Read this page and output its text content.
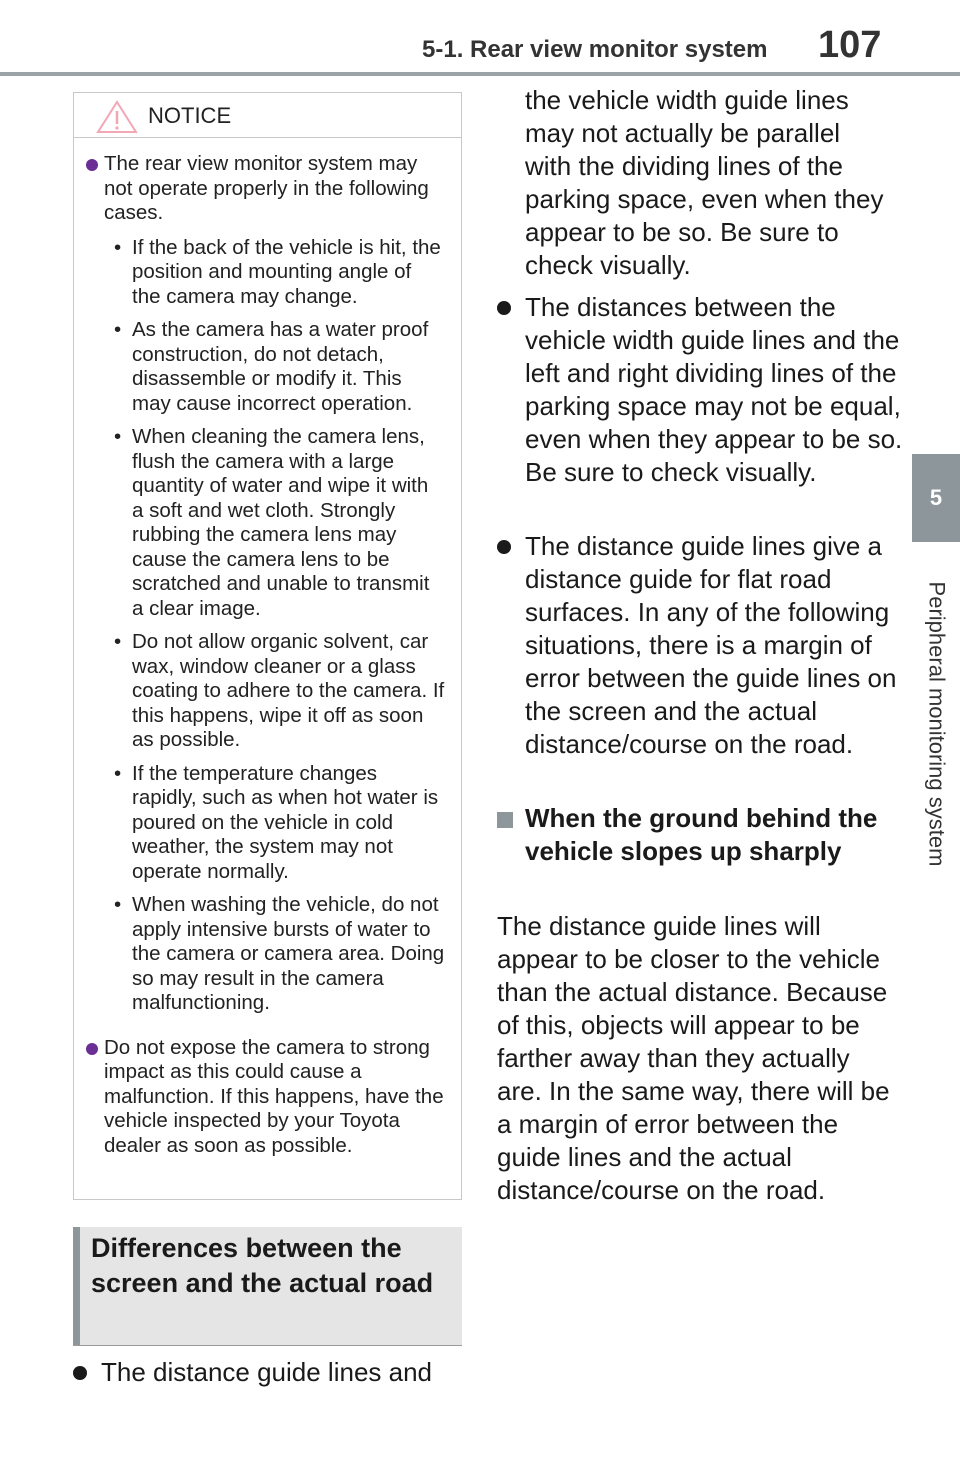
5-1. Rear view monitor system 107
5
Peripheral monitoring system
NOTICE
The rear view monitor system may not operate properly in the following cases.
• If the back of the vehicle is hit, the position and mounting angle of the camera may change.
• As the camera has a water proof construction, do not detach, disassemble or modify it. This may cause incorrect operation.
• When cleaning the camera lens, flush the camera with a large quantity of water and wipe it with a soft and wet cloth. Strongly rubbing the camera lens may cause the camera lens to be scratched and unable to transmit a clear image.
• Do not allow organic solvent, car wax, window cleaner or a glass coating to adhere to the camera. If this happens, wipe it off as soon as possible.
• If the temperature changes rapidly, such as when hot water is poured on the vehicle in cold weather, the system may not operate normally.
• When washing the vehicle, do not apply intensive bursts of water to the camera or camera area. Doing so may result in the camera malfunctioning.
Do not expose the camera to strong impact as this could cause a malfunction. If this happens, have the vehicle inspected by your Toyota dealer as soon as possible.
Differences between the screen and the actual road
The distance guide lines and
the vehicle width guide lines may not actually be parallel with the dividing lines of the parking space, even when they appear to be so. Be sure to check visually.
The distances between the vehicle width guide lines and the left and right dividing lines of the parking space may not be equal, even when they appear to be so. Be sure to check visually.
The distance guide lines give a distance guide for flat road surfaces. In any of the following situations, there is a margin of error between the guide lines on the screen and the actual distance/course on the road.
When the ground behind the vehicle slopes up sharply
The distance guide lines will appear to be closer to the vehicle than the actual distance. Because of this, objects will appear to be farther away than they actually are. In the same way, there will be a margin of error between the guide lines and the actual distance/course on the road.
